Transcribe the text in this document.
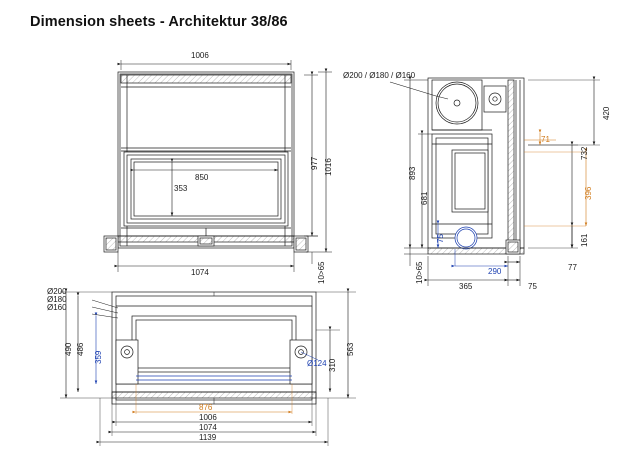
Dimension sheets - Architektur 38/86
1006
850
353
977 1016
1074	10>65
Ø200 / Ø180 / Ø160
893
681
75
10>65
365	75
77
290
420
732
71
396
161
Ø200
Ø180
Ø160
490 486
359
563
310
Ø124
876
1006
1074
1139
